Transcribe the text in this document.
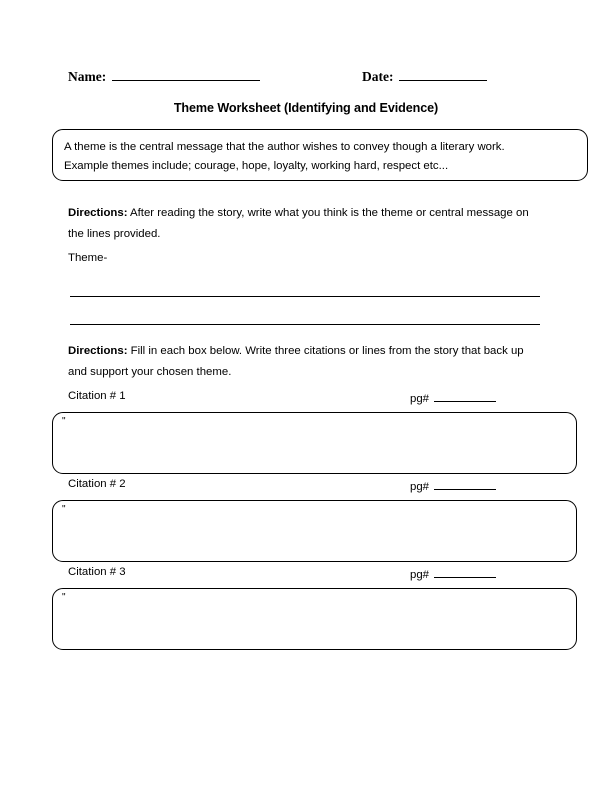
Name:	Date:
Theme Worksheet (Identifying and Evidence)
A theme is the central message that the author wishes to convey though a literary work.
Example themes include; courage, hope, loyalty, working hard, respect etc...
Directions: After reading the story, write what you think is the theme or central message on the lines provided.
Theme-
Directions: Fill in each box below. Write three citations or lines from the story that back up and support your chosen theme.
Citation # 1	pg#
"
Citation # 2	pg#
"
Citation # 3	pg#
"
